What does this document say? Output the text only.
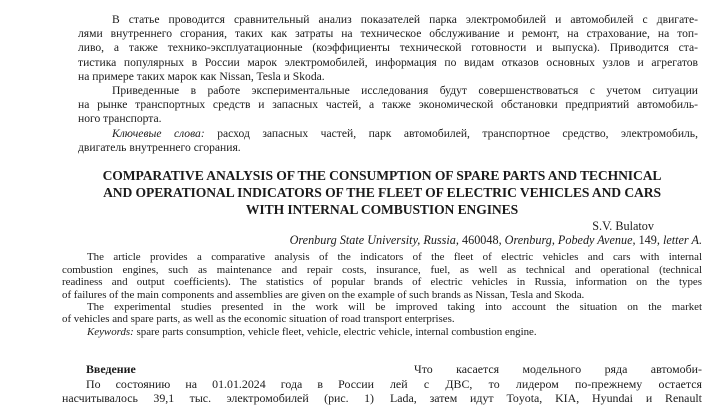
В статье проводится сравнительный анализ показателей парка электромобилей и автомобилей с двигате-
лями внутреннего сгорания, таких как затраты на техническое обслуживание и ремонт, на страхование, на топ-
ливо, а также технико-эксплуатационные (коэффициенты технической готовности и выпуска). Приводится ста-
тистика популярных в России марок электромобилей, информация по видам отказов основных узлов и агрегатов
на примере таких марок как Nissan, Tesla и Skoda.
Приведенные в работе экспериментальные исследования будут совершенствоваться с учетом ситуации
на рынке транспортных средств и запасных частей, а также экономической обстановки предприятий автомобиль-
ного транспорта.
Ключевые слова: расход запасных частей, парк автомобилей, транспортное средство, электромобиль,
двигатель внутреннего сгорания.
COMPARATIVE ANALYSIS OF THE CONSUMPTION OF SPARE PARTS AND TECHNICAL
AND OPERATIONAL INDICATORS OF THE FLEET OF ELECTRIC VEHICLES AND CARS
WITH INTERNAL COMBUSTION ENGINES
S.V. Bulatov
Orenburg State University, Russia, 460048, Orenburg, Pobedy Avenue, 149, letter A.
The article provides a comparative analysis of the indicators of the fleet of electric vehicles and cars with internal
combustion engines, such as maintenance and repair costs, insurance, fuel, as well as technical and operational (technical
readiness and output coefficients). The statistics of popular brands of electric vehicles in Russia, information on the types
of failures of the main components and assemblies are given on the example of such brands as Nissan, Tesla and Skoda.
The experimental studies presented in the work will be improved taking into account the situation on the market
of vehicles and spare parts, as well as the economic situation of road transport enterprises.
Keywords: spare parts consumption, vehicle fleet, vehicle, electric vehicle, internal combustion engine.
Введение
По состоянию на 01.01.2024 года в России
насчитывалось 39,1 тыс. электромобилей (рис. 1)
Что касается модельного ряда автомоби-
лей с ДВС, то лидером по-прежнему остается
Lada, затем идут Toyota, KIA, Hyundai и Renault
